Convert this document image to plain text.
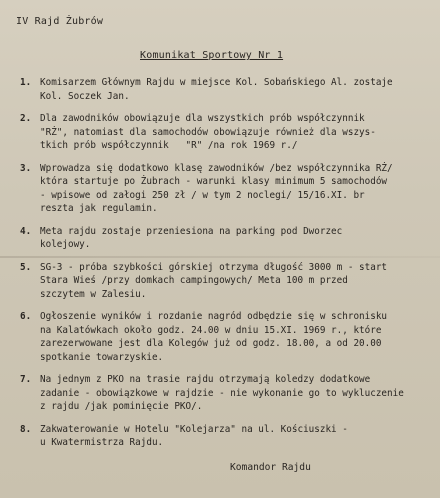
IV Rajd Żubrów
Komunikat Sportowy Nr 1
1. Komisarzem Głównym Rajdu w miejsce Kol. Sobańskiego Al. zostaje
Kol. Soczek Jan.
2. Dla zawodników obowiązuje dla wszystkich prób współczynnik
"RŻ", natomiast dla samochodów obowiązuje również dla wszys-
tkich prób współczynnik   "R" /na rok 1969 r./
3. Wprowadza się dodatkowo klasę zawodników /bez współczynnika RŻ/
która startuje po Żubrach - warunki klasy minimum 5 samochodów
- wpisowe od załogi 250 zł / w tym 2 noclegi/ 15/16.XI. br
reszta jak regulamin.
4. Meta rajdu zostaje przeniesiona na parking pod Dworzec
kolejowy.
5. SG-3 - próba szybkości górskiej otrzyma długość 3000 m - start
Stara Wieś /przy domkach campingowych/ Meta 100 m przed
szczytem w Zalesiu.
6. Ogłoszenie wyników i rozdanie nagród odbędzie się w schronisku
na Kalatówkach około godz. 24.00 w dniu 15.XI. 1969 r., które
zarezerwowane jest dla Kolegów już od godz. 18.00, a od 20.00
spotkanie towarzyskie.
7. Na jednym z PKO na trasie rajdu otrzymają koledzy dodatkowe
zadanie - obowiązkowe w rajdzie - nie wykonanie go to wykluczenie
z rajdu /jak pominięcie PKO/.
8. Zakwaterowanie w Hotelu "Kolejarza" na ul. Kościuszki -
u Kwatermistrza Rajdu.
Komandor Rajdu
